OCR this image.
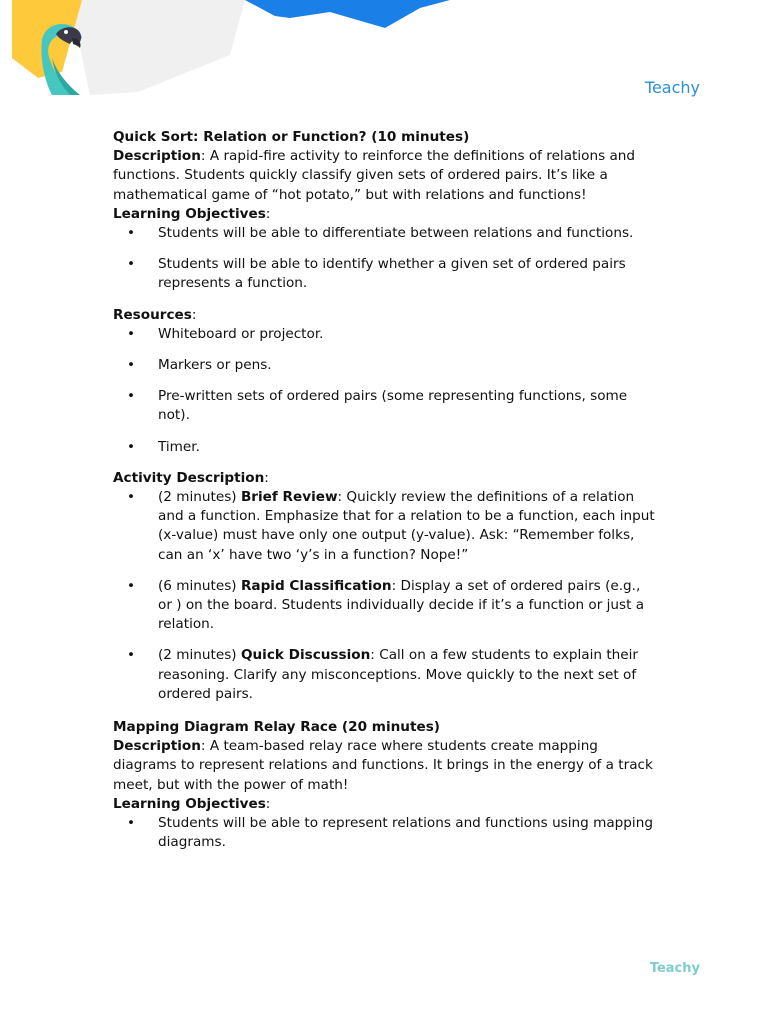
Teachy

Quick Sort: Relation or Function? (10 minutes)

Description: A rapid-fire activity to reinforce the definitions of relations and functions. Students quickly classify given sets of ordered pairs. It’s like a mathematical game of “hot potato,” but with relations and functions!

Learning Objectives:

• Students will be able to differentiate between relations and functions.
• Students will be able to identify whether a given set of ordered pairs represents a function.

Resources:

• Whiteboard or projector.
• Markers or pens.
• Pre-written sets of ordered pairs (some representing functions, some not).
• Timer.

Activity Description:

• (2 minutes) Brief Review: Quickly review the definitions of a relation and a function. Emphasize that for a relation to be a function, each input (x-value) must have only one output (y-value). Ask: “Remember folks, can an ‘x’ have two ‘y’s in a function? Nope!”
• (6 minutes) Rapid Classification: Display a set of ordered pairs (e.g., or ) on the board. Students individually decide if it’s a function or just a relation.
• (2 minutes) Quick Discussion: Call on a few students to explain their reasoning. Clarify any misconceptions. Move quickly to the next set of ordered pairs.

Mapping Diagram Relay Race (20 minutes)

Description: A team-based relay race where students create mapping diagrams to represent relations and functions. It brings in the energy of a track meet, but with the power of math!

Learning Objectives:

• Students will be able to represent relations and functions using mapping diagrams.
Teachy
